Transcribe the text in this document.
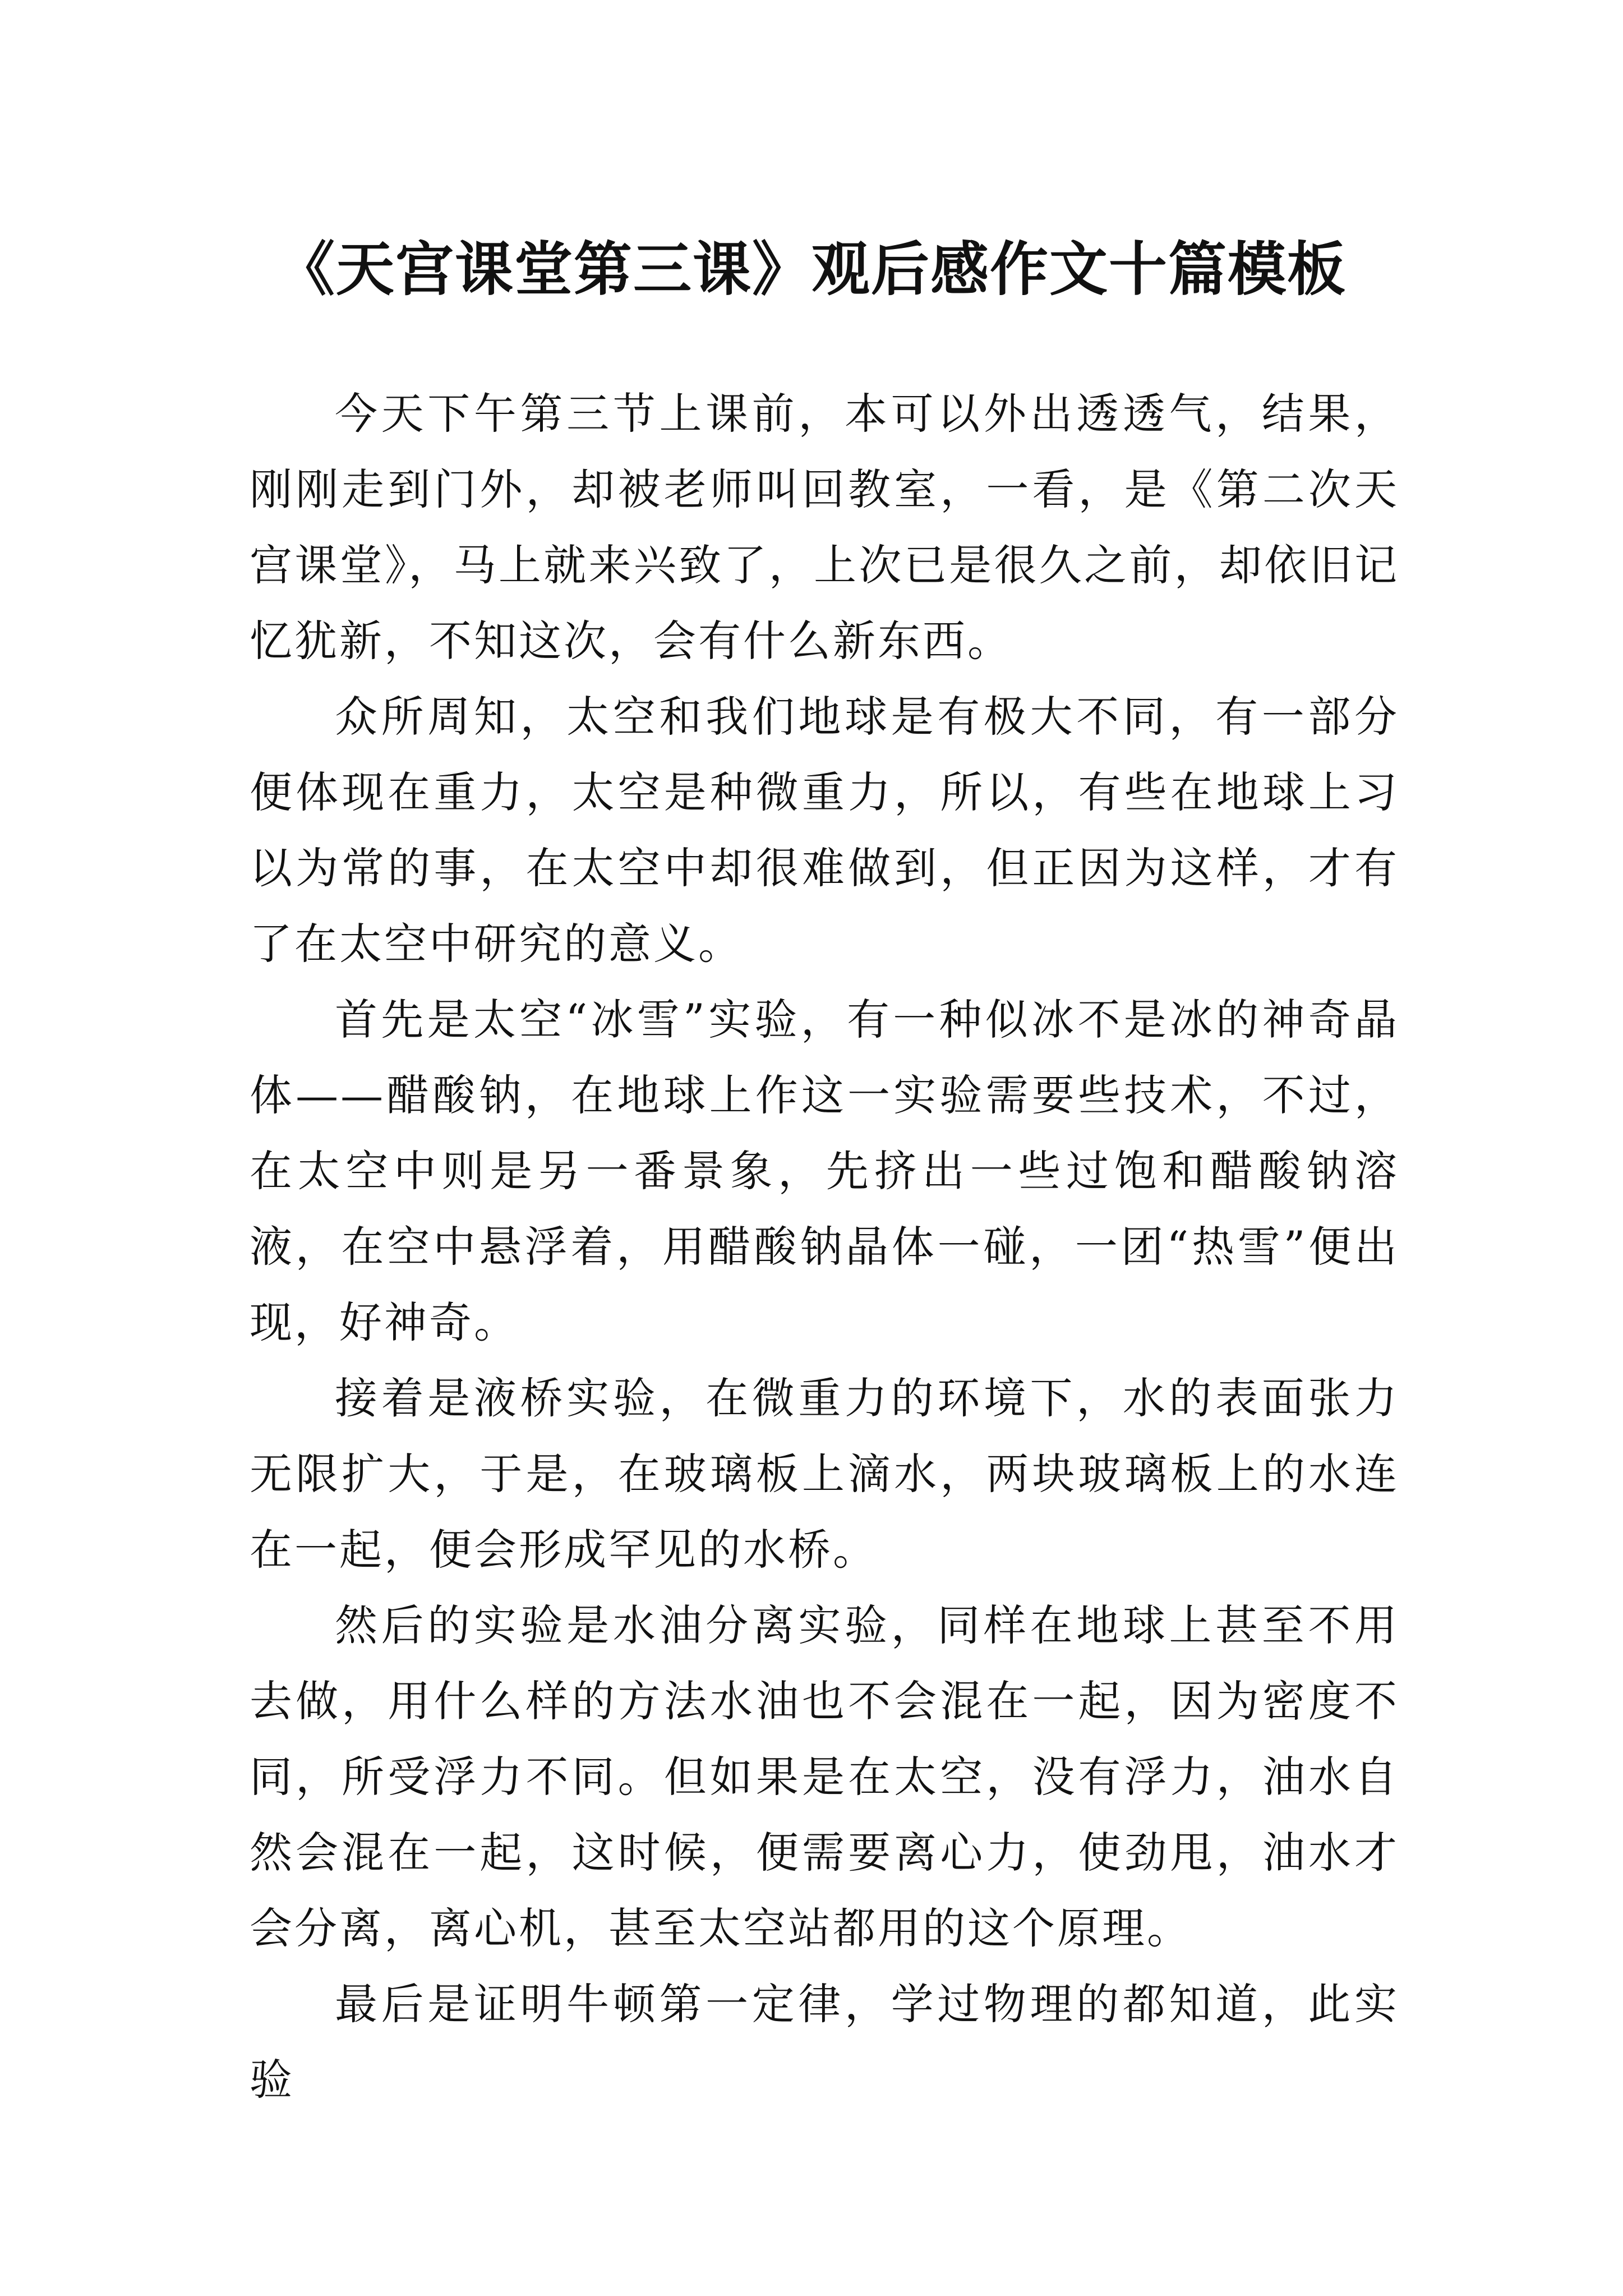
《天宫课堂第三课》观后感作文十篇模板

今天下午第三节上课前，本可以外出透透气，结果，刚刚走到门外，却被老师叫回教室，一看，是《第二次天宫课堂》，马上就来兴致了，上次已是很久之前，却依旧记忆犹新，不知这次，会有什么新东西。

众所周知，太空和我们地球是有极大不同，有一部分便体现在重力，太空是种微重力，所以，有些在地球上习以为常的事，在太空中却很难做到，但正因为这样，才有了在太空中研究的意义。

首先是太空“冰雪”实验，有一种似冰不是冰的神奇晶体——醋酸钠，在地球上作这一实验需要些技术，不过，在太空中则是另一番景象，先挤出一些过饱和醋酸钠溶液，在空中悬浮着，用醋酸钠晶体一碰，一团“热雪”便出现，好神奇。

接着是液桥实验，在微重力的环境下，水的表面张力无限扩大，于是，在玻璃板上滴水，两块玻璃板上的水连在一起，便会形成罕见的水桥。

然后的实验是水油分离实验，同样在地球上甚至不用去做，用什么样的方法水油也不会混在一起，因为密度不同，所受浮力不同。但如果是在太空，没有浮力，油水自然会混在一起，这时候，便需要离心力，使劲甩，油水才会分离，离心机，甚至太空站都用的这个原理。

最后是证明牛顿第一定律，学过物理的都知道，此实验
